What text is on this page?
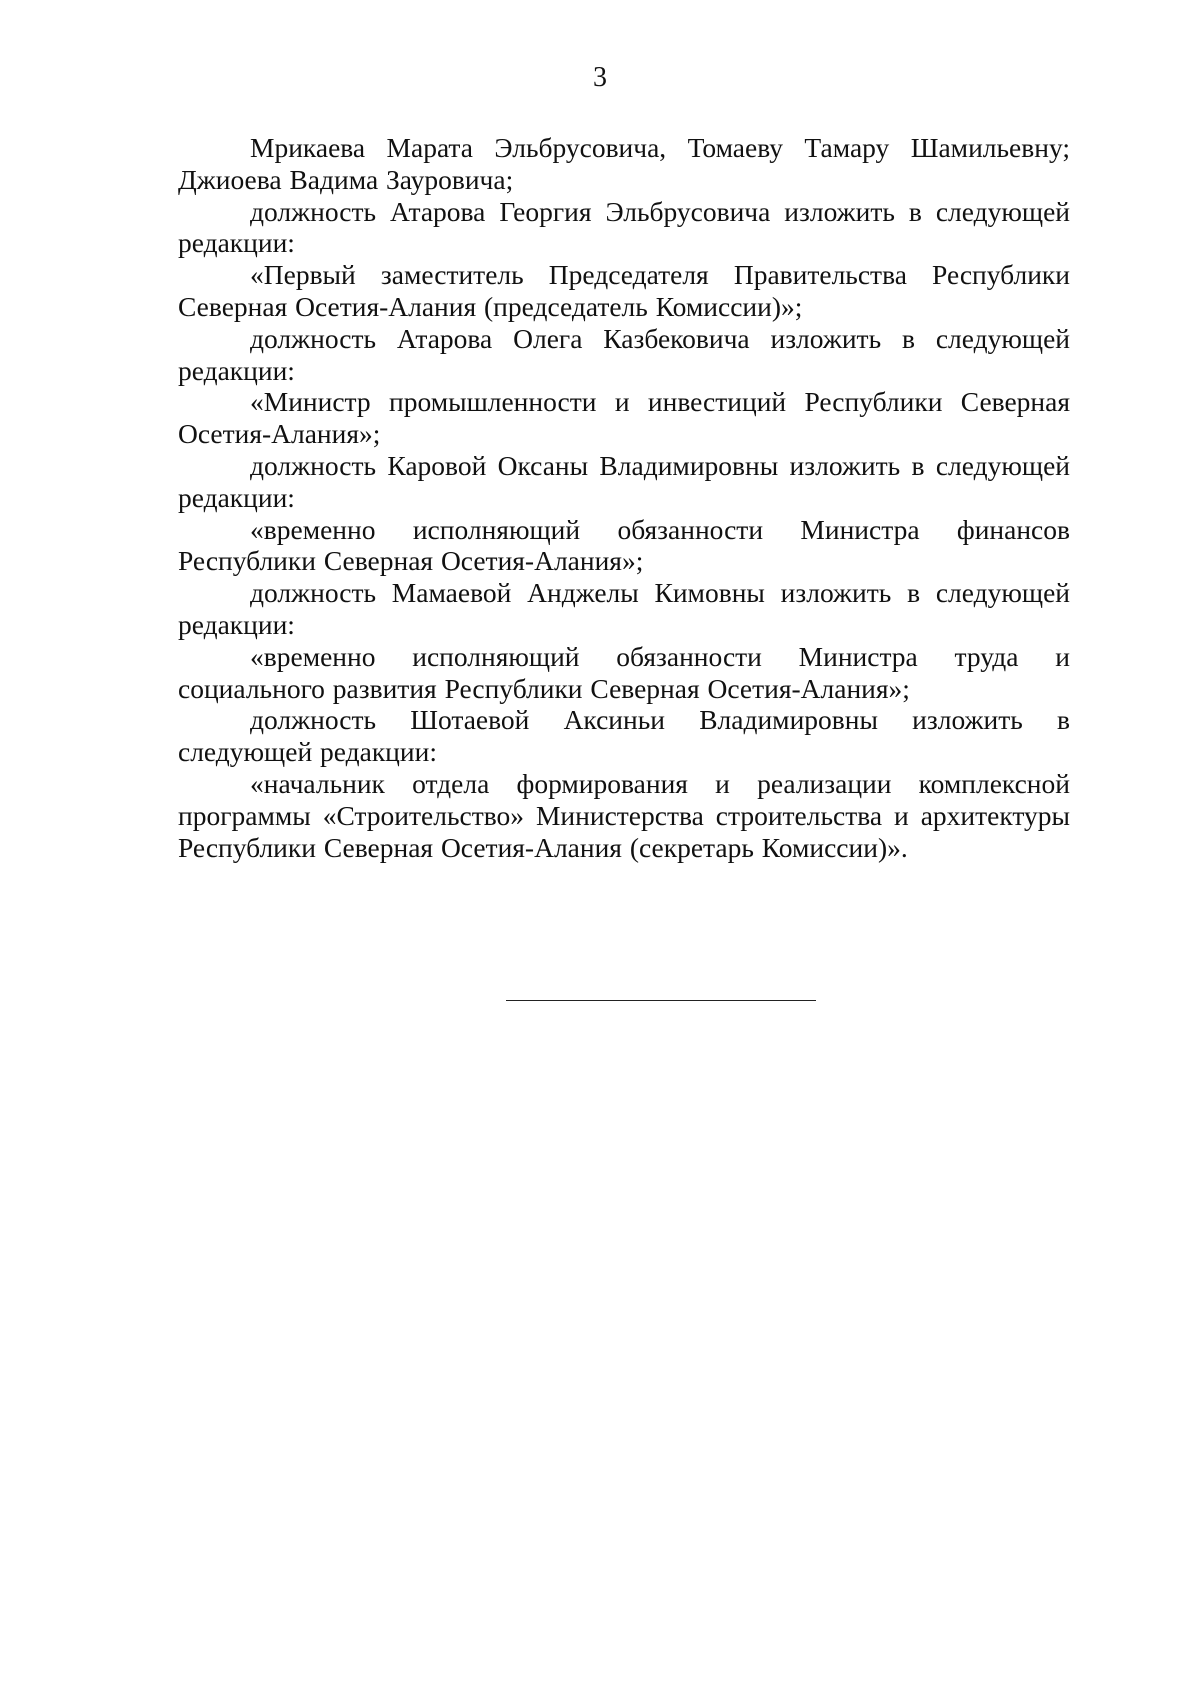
3

Мрикаева Марата Эльбрусовича, Томаеву Тамару Шамильевну; Джиоева Вадима Зауровича;

должность Атарова Георгия Эльбрусовича изложить в следующей редакции:

«Первый заместитель Председателя Правительства Республики Северная Осетия-Алания (председатель Комиссии)»;

должность Атарова Олега Казбековича изложить в следующей редакции:

«Министр промышленности и инвестиций Республики Северная Осетия-Алания»;

должность Каровой Оксаны Владимировны изложить в следующей редакции:

«временно исполняющий обязанности Министра финансов Республики Северная Осетия-Алания»;

должность Мамаевой Анджелы Кимовны изложить в следующей редакции:

«временно исполняющий обязанности Министра труда и социального развития Республики Северная Осетия-Алания»;

должность Шотаевой Аксиньи Владимировны изложить в следующей редакции:

«начальник отдела формирования и реализации комплексной программы «Строительство» Министерства строительства и архитектуры Республики Северная Осетия-Алания (секретарь Комиссии)».
